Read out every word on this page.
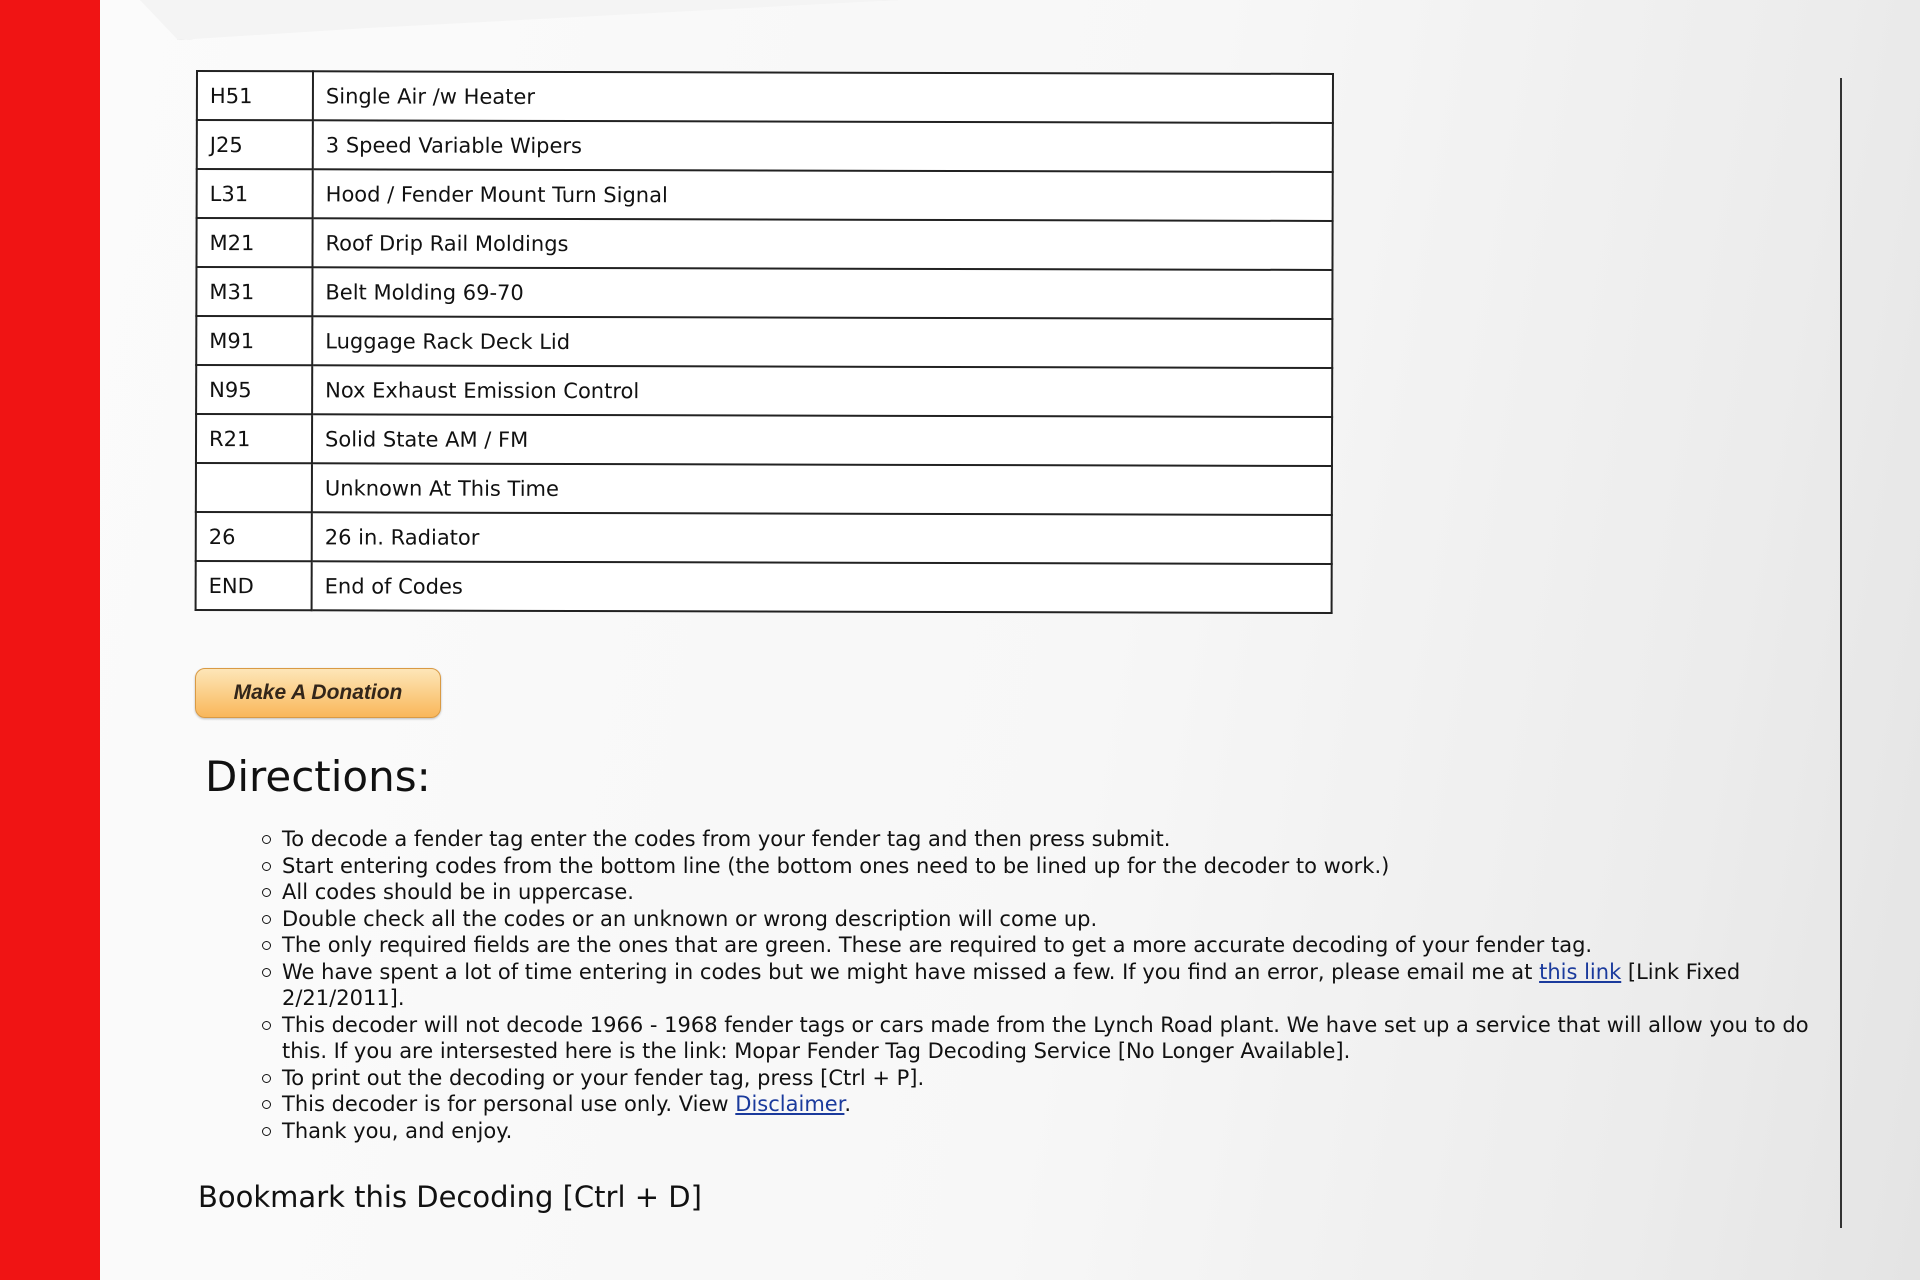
H51	Single Air /w Heater
J25	3 Speed Variable Wipers
L31	Hood / Fender Mount Turn Signal
M21	Roof Drip Rail Moldings
M31	Belt Molding 69-70
M91	Luggage Rack Deck Lid
N95	Nox Exhaust Emission Control
R21	Solid State AM / FM
	Unknown At This Time
26	26 in. Radiator
END	End of Codes
Make A Donation
Directions:
To decode a fender tag enter the codes from your fender tag and then press submit.
Start entering codes from the bottom line (the bottom ones need to be lined up for the decoder to work.)
All codes should be in uppercase.
Double check all the codes or an unknown or wrong description will come up.
The only required fields are the ones that are green. These are required to get a more accurate decoding of your fender tag.
We have spent a lot of time entering in codes but we might have missed a few. If you find an error, please email me at this link [Link Fixed 2/21/2011].
This decoder will not decode 1966 - 1968 fender tags or cars made from the Lynch Road plant. We have set up a service that will allow you to do this. If you are intersested here is the link: Mopar Fender Tag Decoding Service [No Longer Available].
To print out the decoding or your fender tag, press [Ctrl + P].
This decoder is for personal use only. View Disclaimer.
Thank you, and enjoy.
Bookmark this Decoding [Ctrl + D]
